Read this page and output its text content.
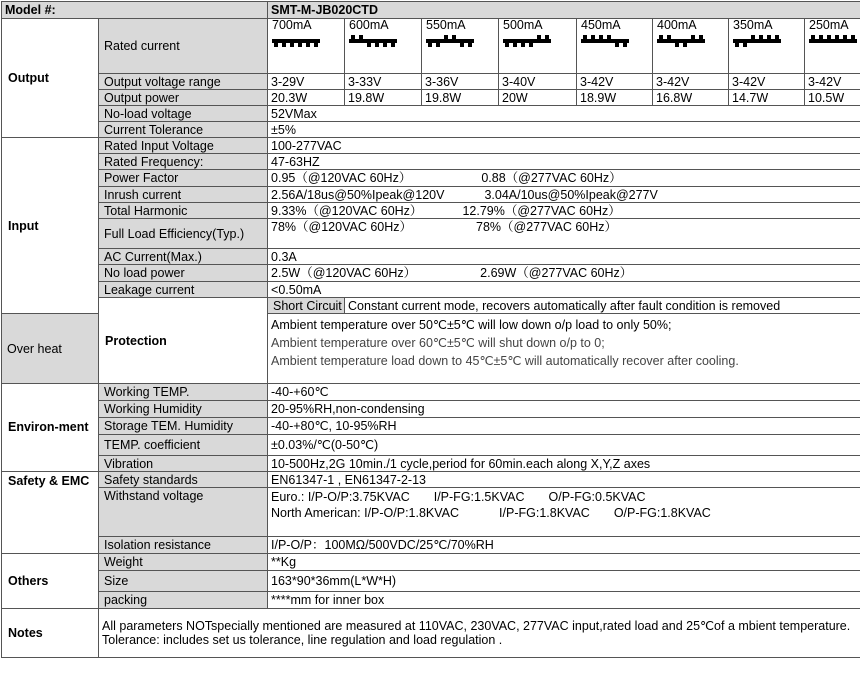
Model #:		SMT-M-JB020CTD							
Output	Rated current	700mA	600mA	550mA	500mA	450mA	400mA	350mA	250mA

	Output voltage range	3-29V	3-33V	3-36V	3-40V	3-42V	3-42V	3-42V	3-42V
	Output power	20.3W	19.8W	19.8W	20W	18.9W	16.8W	14.7W	10.5W
	No-load voltage	52VMax							
	Current Tolerance	±5%							
Input	Rated Input Voltage	100-277VAC							
	Rated Frequency:	47-63HZ							
	Power Factor	0.95（@120VAC 60Hz） 0.88（@277VAC 60Hz）							
	Inrush current	2.56A/18us@50%Ipeak@120V 3.04A/10us@50%Ipeak@277V							
	Total Harmonic	9.33%（@120VAC 60Hz） 12.79%（@277VAC 60Hz）							
	Full Load Efficiency(Typ.)	78%（@120VAC 60Hz） 78%（@277VAC 60Hz）							
	AC Current(Max.)	0.3A							
	No load power	2.5W（@120VAC 60Hz） 2.69W（@277VAC 60Hz）							
	Leakage current	<0.50mA							
	Protection	Short Circuit	Constant current mode, recovers automatically after fault condition is removed						
Over heat		Ambient temperature over 50℃±5℃ will low down o/p load to only 50%;
Ambient temperature over 60℃±5℃ will shut down o/p to 0;
Ambient temperature load down to 45℃±5℃ will automatically recover after cooling.							

Environ-ment	Working TEMP.	-40-+60℃							
	Working Humidity	20-95%RH,non-condensing							
	Storage TEM. Humidity	-40-+80℃, 10-95%RH							
	TEMP. coefficient	±0.03%/℃(0-50℃)							
	Vibration	10-500Hz,2G 10min./1 cycle,period for 60min.each along X,Y,Z axes							
Safety & EMC	Safety standards	EN61347-1 , EN61347-2-13							
	Withstand voltage	Euro.: I/P-O/P:3.75KVAC I/P-FG:1.5KVAC O/P-FG:0.5KVAC
North American: I/P-O/P:1.8KVAC I/P-FG:1.8KVAC O/P-FG:1.8KVAC							

	Isolation resistance	I/P-O/P：100MΩ/500VDC/25℃/70%RH							
Others	Weight	**Kg							
	Size	163*90*36mm(L*W*H)							
	packing	****mm for inner box							
Notes	All parameters NOTspecially mentioned are measured at 110VAC, 230VAC, 277VAC input,rated load and 25℃of a mbient temperature.
Tolerance: includes set us tolerance, line regulation and load regulation .								
